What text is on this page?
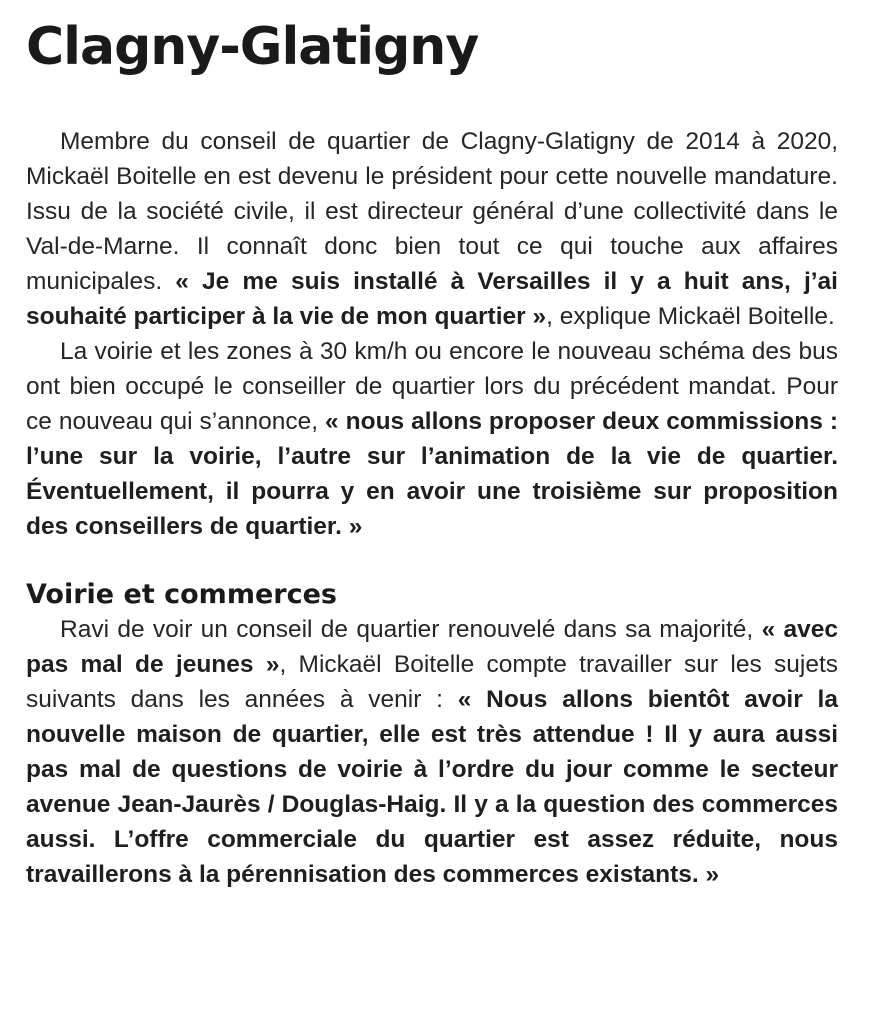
Clagny-Glatigny

Membre du conseil de quartier de Clagny-Glatigny de 2014 à 2020, Mickaël Boitelle en est devenu le président pour cette nouvelle mandature. Issu de la société civile, il est directeur général d’une collectivité dans le Val-de-Marne. Il connaît donc bien tout ce qui touche aux affaires municipales. « Je me suis installé à Versailles il y a huit ans, j’ai souhaité participer à la vie de mon quartier », explique Mickaël Boitelle.

La voirie et les zones à 30 km/h ou encore le nouveau schéma des bus ont bien occupé le conseiller de quartier lors du précédent mandat. Pour ce nouveau qui s’annonce, « nous allons proposer deux commissions : l’une sur la voirie, l’autre sur l’animation de la vie de quartier. Éventuellement, il pourra y en avoir une troisième sur proposition des conseillers de quartier. »

Voirie et commerces

Ravi de voir un conseil de quartier renouvelé dans sa majorité, « avec pas mal de jeunes », Mickaël Boitelle compte travailler sur les sujets suivants dans les années à venir : « Nous allons bientôt avoir la nouvelle maison de quartier, elle est très attendue ! Il y aura aussi pas mal de questions de voirie à l’ordre du jour comme le secteur avenue Jean-Jaurès / Douglas-Haig. Il y a la question des commerces aussi. L’offre commerciale du quartier est assez réduite, nous travaillerons à la pérennisation des commerces existants. »
